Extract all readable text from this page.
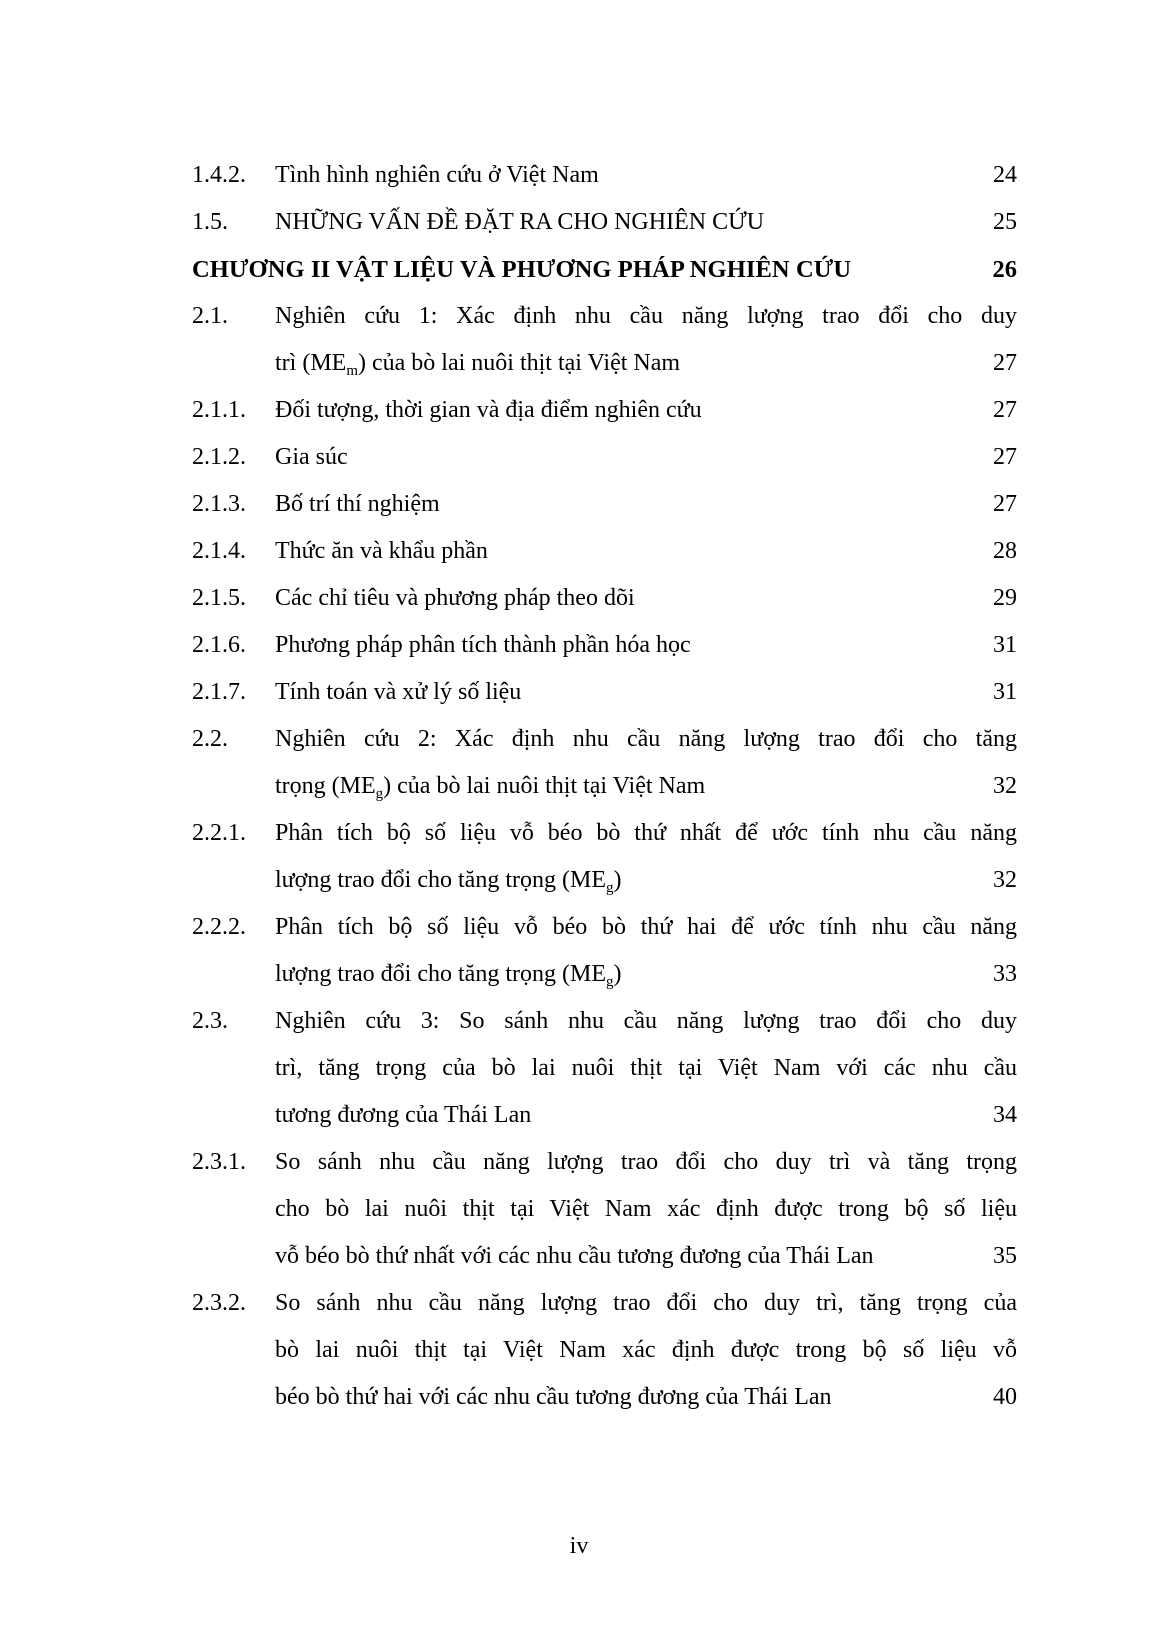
1.4.2.	Tình hình nghiên cứu ở Việt Nam	24
1.5.	NHỮNG VẤN ĐỀ ĐẶT RA CHO NGHIÊN CỨU	25
CHƯƠNG II VẬT LIỆU VÀ PHƯƠNG PHÁP NGHIÊN CỨU	26
2.1.	Nghiên cứu 1: Xác định nhu cầu năng lượng trao đổi cho duy
trì $(ME_m)$ của bò lai nuôi thịt tại Việt Nam	27
2.1.1.	Đối tượng, thời gian và địa điểm nghiên cứu	27
2.1.2.	Gia súc	27
2.1.3.	Bố trí thí nghiệm	27
2.1.4.	Thức ăn và khẩu phần	28
2.1.5.	Các chỉ tiêu và phương pháp theo dõi	29
2.1.6.	Phương pháp phân tích thành phần hóa học	31
2.1.7.	Tính toán và xử lý số liệu	31
2.2.	Nghiên cứu 2: Xác định nhu cầu năng lượng trao đổi cho tăng
trọng $(ME_g)$ của bò lai nuôi thịt tại Việt Nam	32
2.2.1.	Phân tích bộ số liệu vỗ béo bò thứ nhất để ước tính nhu cầu năng
lượng trao đổi cho tăng trọng $(ME_g)$	32
2.2.2.	Phân tích bộ số liệu vỗ béo bò thứ hai để ước tính nhu cầu năng
lượng trao đổi cho tăng trọng $(ME_g)$	33
2.3.	Nghiên cứu 3: So sánh nhu cầu năng lượng trao đổi cho duy
trì, tăng trọng của bò lai nuôi thịt tại Việt Nam với các nhu cầu
tương đương của Thái Lan	34
2.3.1.	So sánh nhu cầu năng lượng trao đổi cho duy trì và tăng trọng
cho bò lai nuôi thịt tại Việt Nam xác định được trong bộ số liệu
vỗ béo bò thứ nhất với các nhu cầu tương đương của Thái Lan	35
2.3.2.	So sánh nhu cầu năng lượng trao đổi cho duy trì, tăng trọng của
bò lai nuôi thịt tại Việt Nam xác định được trong bộ số liệu vỗ
béo bò thứ hai với các nhu cầu tương đương của Thái Lan	40
iv
